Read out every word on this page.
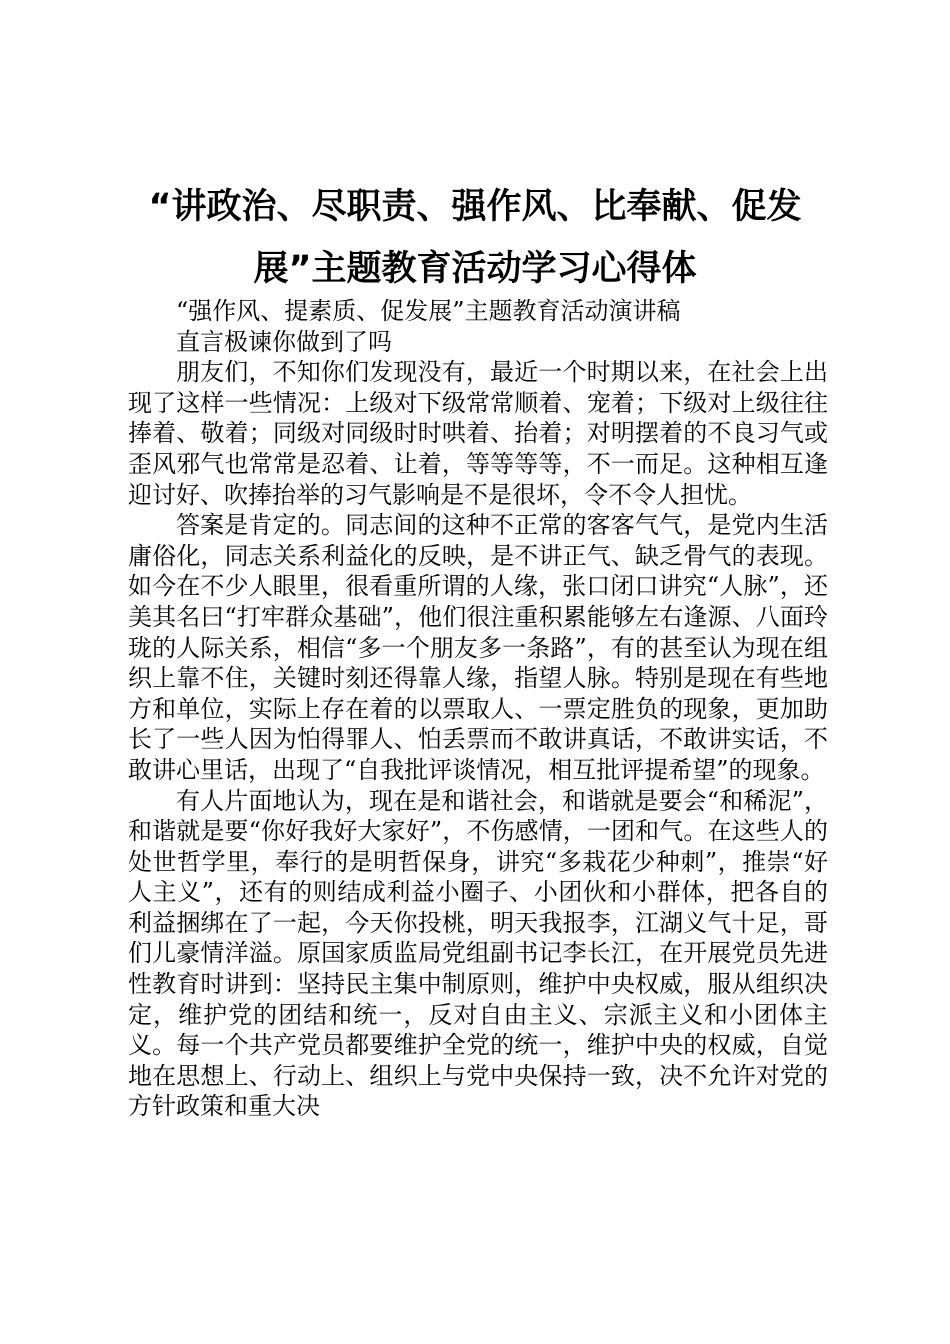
“讲政治、尽职责、强作风、比奉献、促发
展”主题教育活动学习心得体

“强作风、提素质、促发展”主题教育活动演讲稿

直言极谏你做到了吗

朋友们，不知你们发现没有，最近一个时期以来，在社会上出现了这样一些情况：上级对下级常常顺着、宠着；下级对上级往往捧着、敬着；同级对同级时时哄着、抬着；对明摆着的不良习气或歪风邪气也常常是忍着、让着，等等等等，不一而足。这种相互逢迎讨好、吹捧抬举的习气影响是不是很坏，令不令人担忧。

答案是肯定的。同志间的这种不正常的客客气气，是党内生活庸俗化，同志关系利益化的反映，是不讲正气、缺乏骨气的表现。如今在不少人眼里，很看重所谓的人缘，张口闭口讲究“人脉”，还美其名曰“打牢群众基础”，他们很注重积累能够左右逢源、八面玲珑的人际关系，相信“多一个朋友多一条路”，有的甚至认为现在组织上靠不住，关键时刻还得靠人缘，指望人脉。特别是现在有些地方和单位，实际上存在着的以票取人、一票定胜负的现象，更加助长了一些人因为怕得罪人、怕丢票而不敢讲真话，不敢讲实话，不敢讲心里话，出现了“自我批评谈情况，相互批评提希望”的现象。

有人片面地认为，现在是和谐社会，和谐就是要会“和稀泥”，和谐就是要“你好我好大家好”，不伤感情，一团和气。在这些人的处世哲学里，奉行的是明哲保身，讲究“多栽花少种刺”，推崇“好人主义”，还有的则结成利益小圈子、小团伙和小群体，把各自的利益捆绑在了一起，今天你投桃，明天我报李，江湖义气十足，哥们儿豪情洋溢。原国家质监局党组副书记李长江，在开展党员先进性教育时讲到：坚持民主集中制原则，维护中央权威，服从组织决定，维护党的团结和统一，反对自由主义、宗派主义和小团体主义。每一个共产党员都要维护全党的统一，维护中央的权威，自觉地在思想上、行动上、组织上与党中央保持一致，决不允许对党的方针政策和重大决
